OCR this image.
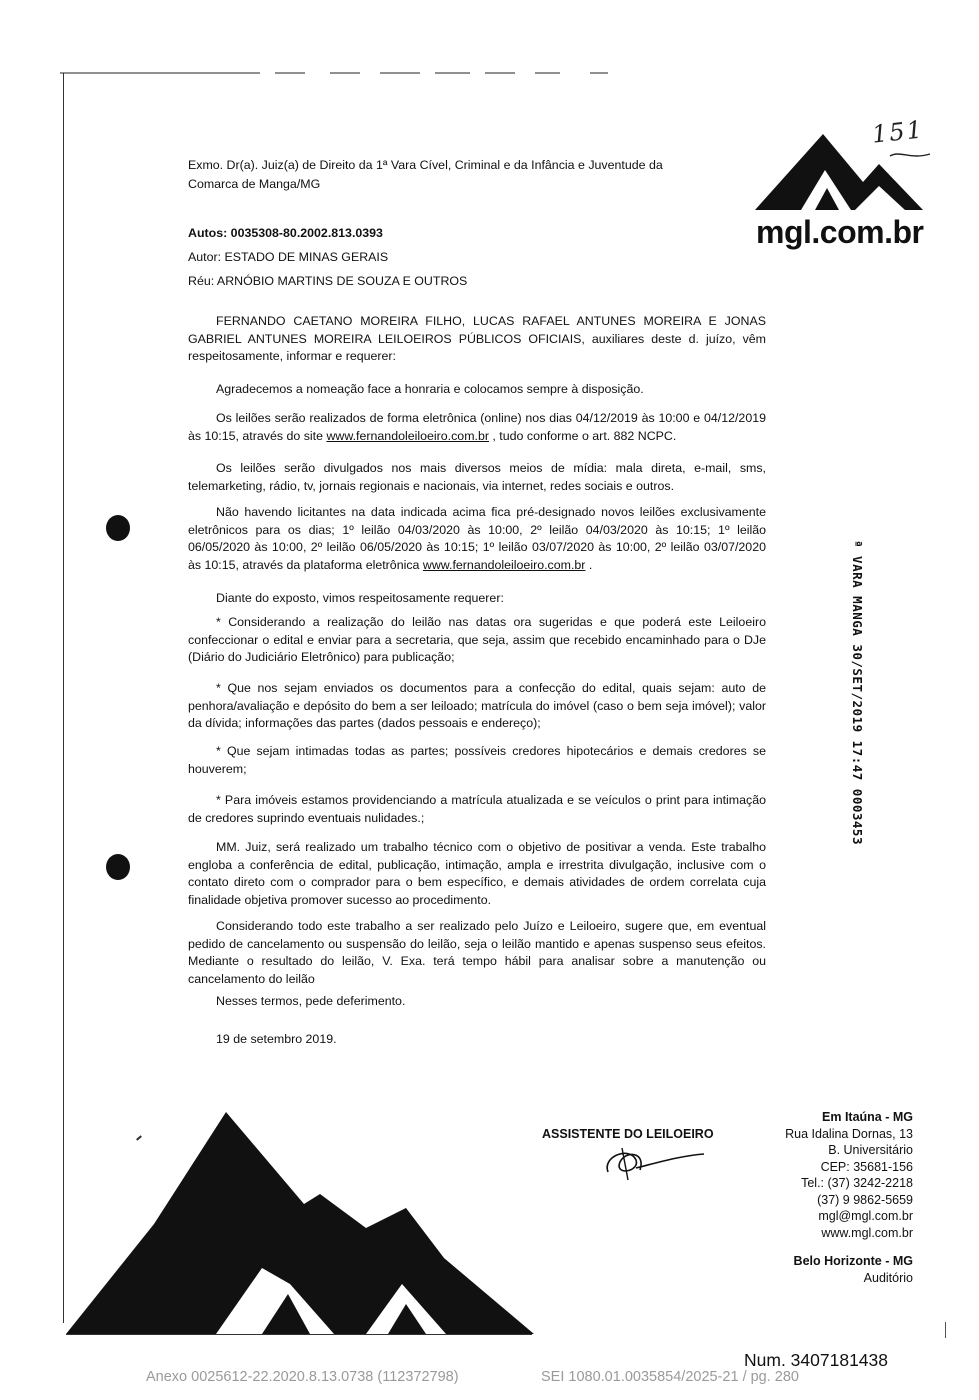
151
mgl.com.br
Exmo. Dr(a). Juiz(a) de Direito da 1ª Vara Cível, Criminal e da Infância e Juventude da
Comarca de Manga/MG
Autos: 0035308-80.2002.813.0393
Autor: ESTADO DE MINAS GERAIS
Réu: ARNÓBIO MARTINS DE SOUZA E OUTROS
FERNANDO CAETANO MOREIRA FILHO, LUCAS RAFAEL ANTUNES MOREIRA E JONAS GABRIEL ANTUNES MOREIRA LEILOEIROS PÚBLICOS OFICIAIS, auxiliares deste d. juízo, vêm respeitosamente, informar e requerer:
Agradecemos a nomeação face a honraria e colocamos sempre à disposição.
Os leilões serão realizados de forma eletrônica (online) nos dias 04/12/2019 às 10:00 e 04/12/2019 às 10:15, através do site www.fernandoleiloeiro.com.br , tudo conforme o art. 882 NCPC.
Os leilões serão divulgados nos mais diversos meios de mídia: mala direta, e-mail, sms, telemarketing, rádio, tv, jornais regionais e nacionais, via internet, redes sociais e outros.
Não havendo licitantes na data indicada acima fica pré-designado novos leilões exclusivamente eletrônicos para os dias; 1º leilão 04/03/2020 às 10:00, 2º leilão 04/03/2020 às 10:15; 1º leilão 06/05/2020 às 10:00, 2º leilão 06/05/2020 às 10:15; 1º leilão 03/07/2020 às 10:00, 2º leilão 03/07/2020 às 10:15, através da plataforma eletrônica www.fernandoleiloeiro.com.br .
Diante do exposto, vimos respeitosamente requerer:
* Considerando a realização do leilão nas datas ora sugeridas e que poderá este Leiloeiro confeccionar o edital e enviar para a secretaria, que seja, assim que recebido encaminhado para o DJe (Diário do Judiciário Eletrônico) para publicação;
* Que nos sejam enviados os documentos para a confecção do edital, quais sejam: auto de penhora/avaliação e depósito do bem a ser leiloado; matrícula do imóvel (caso o bem seja imóvel); valor da dívida; informações das partes (dados pessoais e endereço);
* Que sejam intimadas todas as partes; possíveis credores hipotecários e demais credores se houverem;
* Para imóveis estamos providenciando a matrícula atualizada e se veículos o print para intimação de credores suprindo eventuais nulidades.;
MM. Juiz, será realizado um trabalho técnico com o objetivo de positivar a venda. Este trabalho engloba a conferência de edital, publicação, intimação, ampla e irrestrita divulgação, inclusive com o contato direto com o comprador para o bem específico, e demais atividades de ordem correlata cuja finalidade objetiva promover sucesso ao procedimento.
Considerando todo este trabalho a ser realizado pelo Juízo e Leiloeiro, sugere que, em eventual pedido de cancelamento ou suspensão do leilão, seja o leilão mantido e apenas suspenso seus efeitos. Mediante o resultado do leilão, V. Exa. terá tempo hábil para analisar sobre a manutenção ou cancelamento do leilão
Nesses termos, pede deferimento.
19 de setembro 2019.
ª VARA MANGA 30/SET/2019 17:47 0003453
ASSISTENTE DO LEILOEIRO
Em Itaúna - MG
Rua Idalina Dornas, 13
B. Universitário
CEP: 35681-156
Tel.: (37) 3242-2218
(37) 9 9862-5659
mgl@mgl.com.br
www.mgl.com.br
Belo Horizonte - MG
Auditório
Num. 3407181438
Anexo 0025612-22.2020.8.13.0738 (112372798)	SEI 1080.01.0035854/2025-21 / pg. 280
